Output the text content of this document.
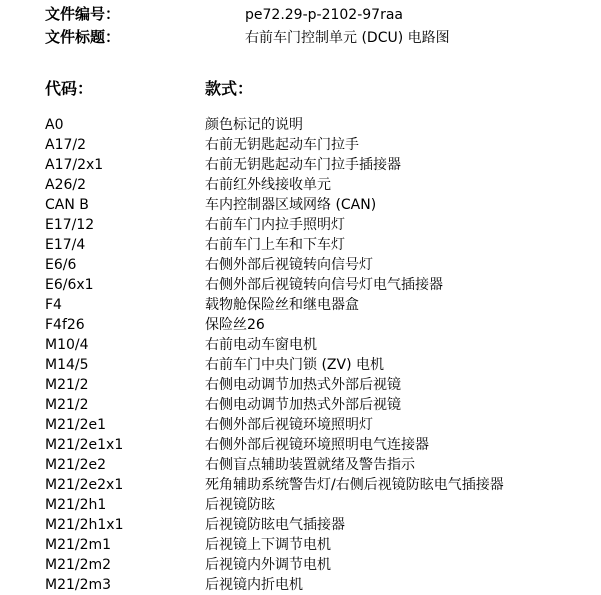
文件编号：	pe72.29-p-2102-97raa
文件标题：	右前车门控制单元 (DCU) 电路图
代码：	款式：
A0	颜色标记的说明
A17/2	右前无钥匙起动车门拉手
A17/2x1	右前无钥匙起动车门拉手插接器
A26/2	右前红外线接收单元
CAN B	车内控制器区域网络 (CAN)
E17/12	右前车门内拉手照明灯
E17/4	右前车门上车和下车灯
E6/6	右侧外部后视镜转向信号灯
E6/6x1	右侧外部后视镜转向信号灯电气插接器
F4	载物舱保险丝和继电器盒
F4f26	保险丝26
M10/4	右前电动车窗电机
M14/5	右前车门中央门锁 (ZV) 电机
M21/2	右侧电动调节加热式外部后视镜
M21/2	右侧电动调节加热式外部后视镜
M21/2e1	右侧外部后视镜环境照明灯
M21/2e1x1	右侧外部后视镜环境照明电气连接器
M21/2e2	右侧盲点辅助装置就绪及警告指示
M21/2e2x1	死角辅助系统警告灯/右侧后视镜防眩电气插接器
M21/2h1	后视镜防眩
M21/2h1x1	后视镜防眩电气插接器
M21/2m1	后视镜上下调节电机
M21/2m2	后视镜内外调节电机
M21/2m3	后视镜内折电机
